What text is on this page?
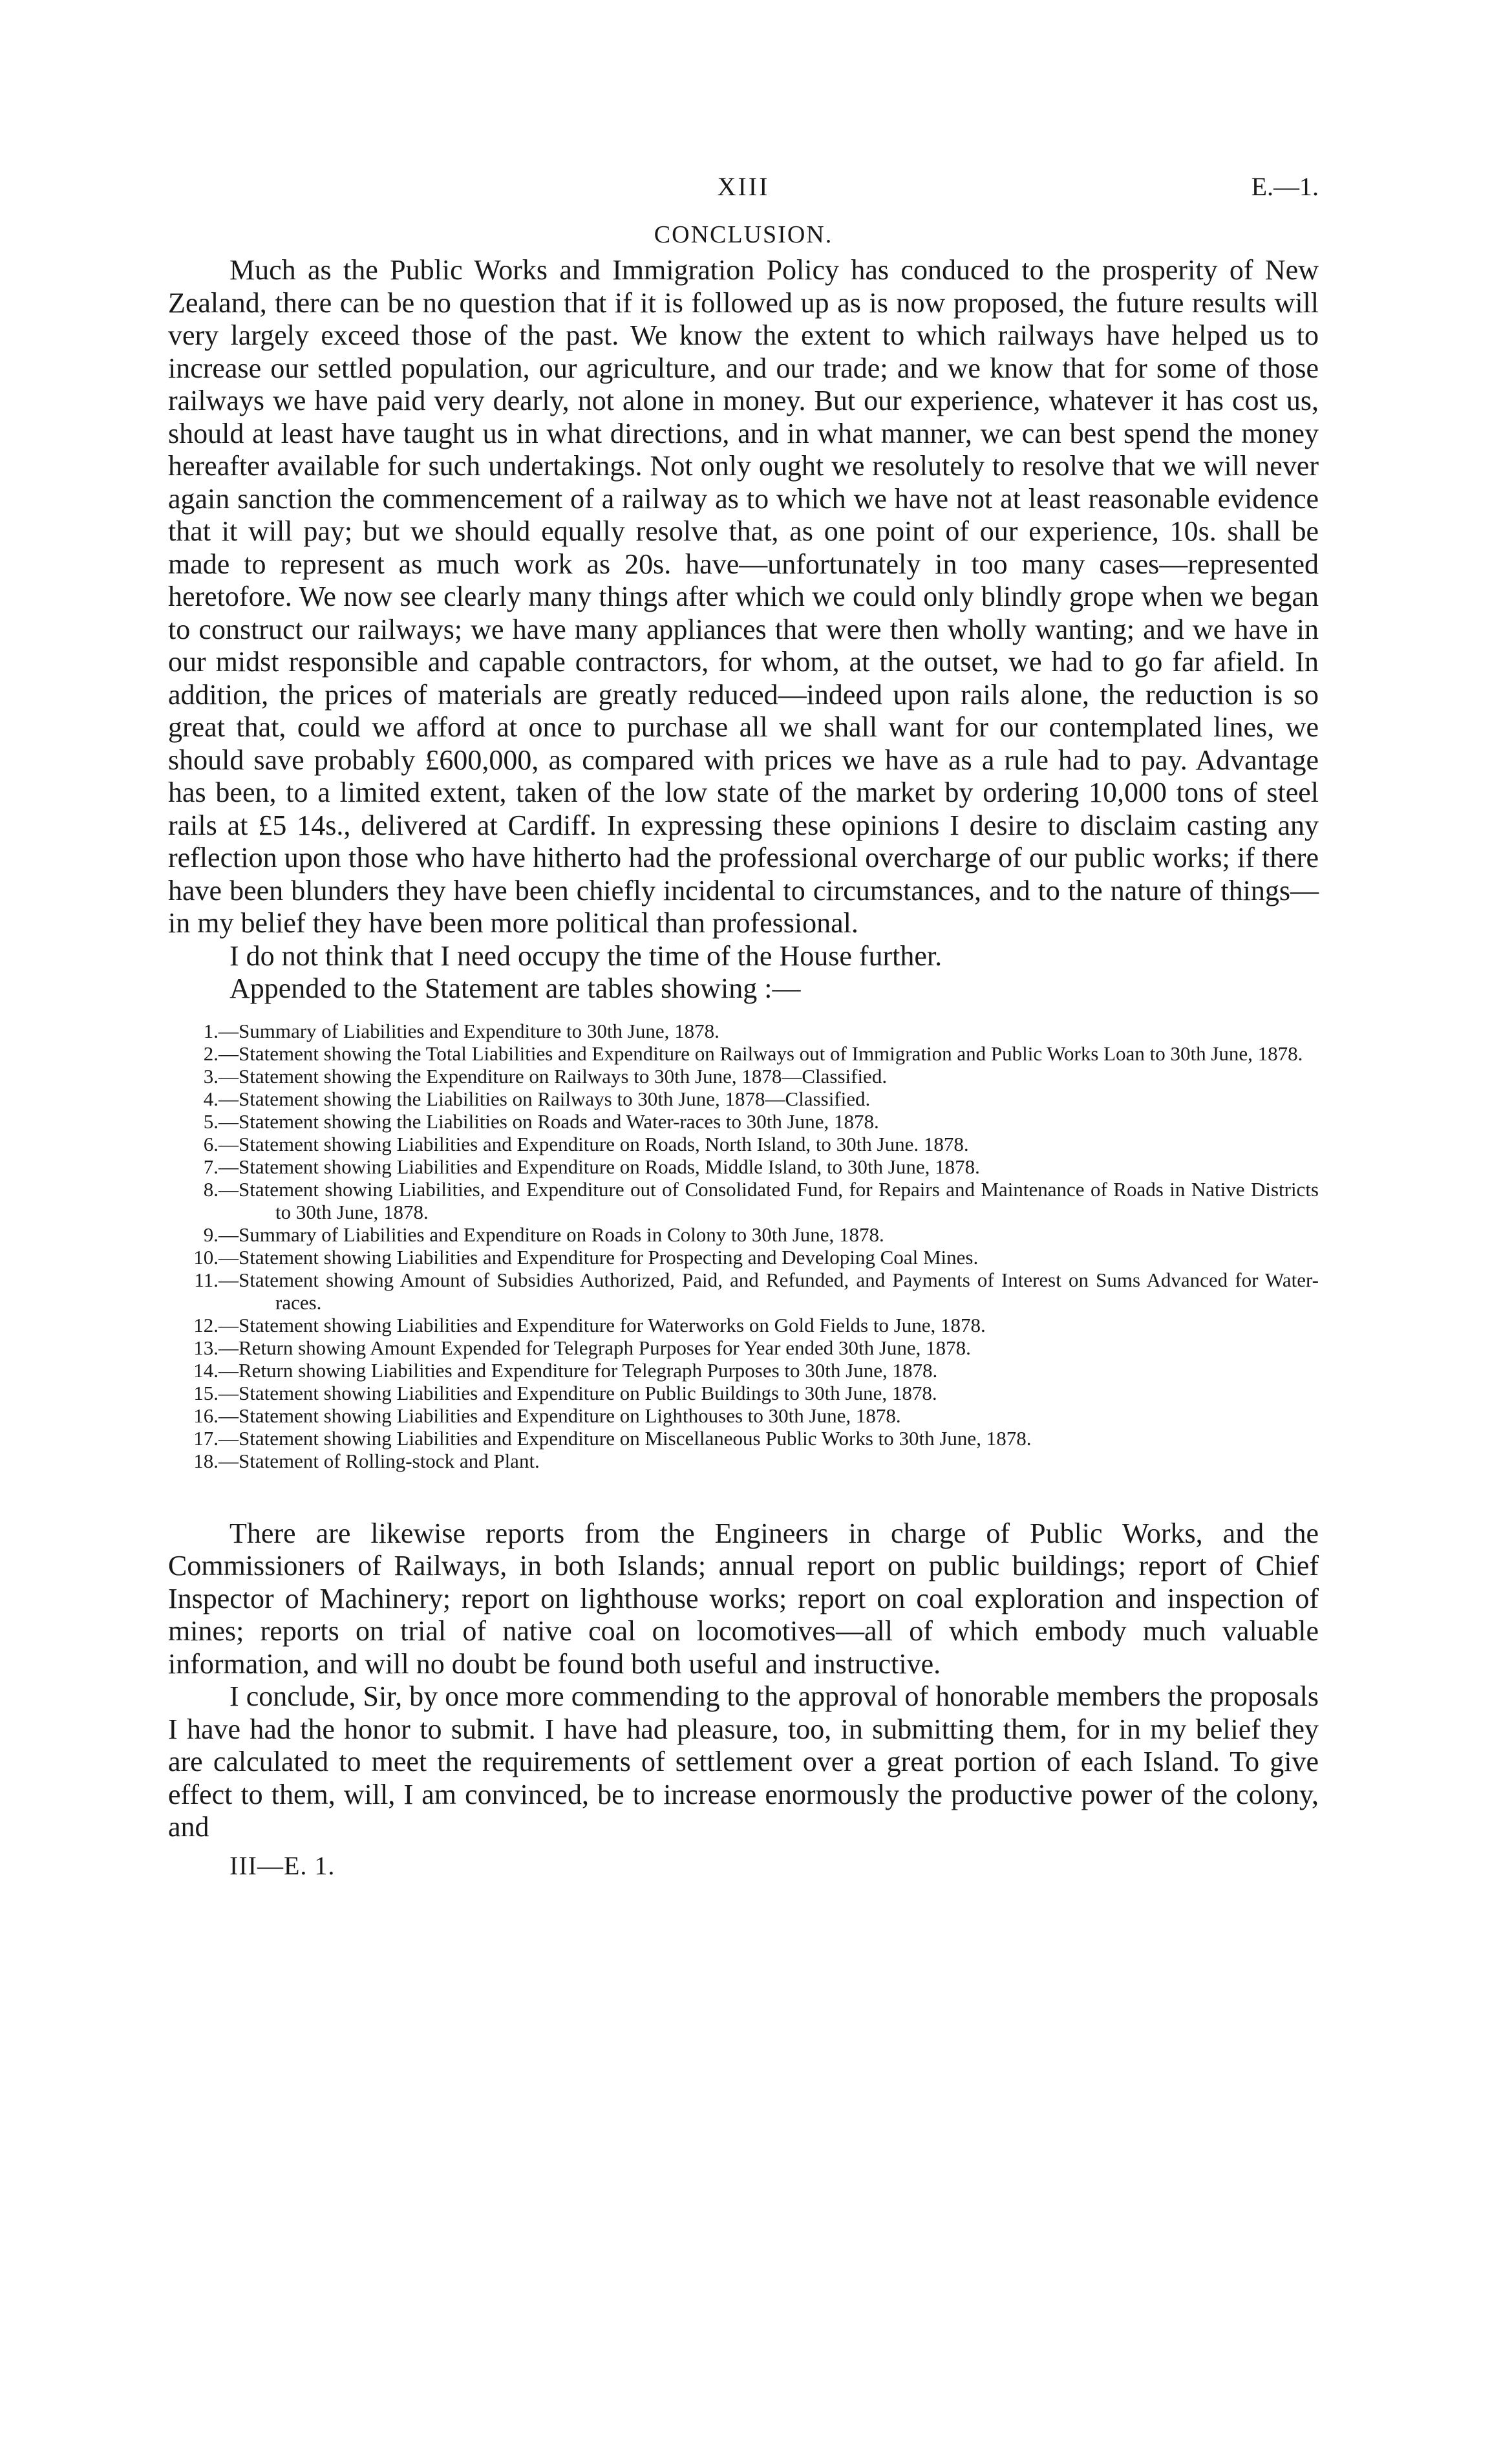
XIII	E.—1.
CONCLUSION.

Much as the Public Works and Immigration Policy has conduced to the prosperity of New Zealand, there can be no question that if it is followed up as is now proposed, the future results will very largely exceed those of the past. We know the extent to which railways have helped us to increase our settled population, our agriculture, and our trade; and we know that for some of those railways we have paid very dearly, not alone in money. But our experience, whatever it has cost us, should at least have taught us in what directions, and in what manner, we can best spend the money hereafter available for such undertakings. Not only ought we resolutely to resolve that we will never again sanction the commencement of a railway as to which we have not at least reasonable evidence that it will pay; but we should equally resolve that, as one point of our experience, 10s. shall be made to represent as much work as 20s. have—unfortunately in too many cases—represented heretofore. We now see clearly many things after which we could only blindly grope when we began to construct our railways; we have many appliances that were then wholly wanting; and we have in our midst responsible and capable contractors, for whom, at the outset, we had to go far afield. In addition, the prices of materials are greatly reduced—indeed upon rails alone, the reduction is so great that, could we afford at once to purchase all we shall want for our contemplated lines, we should save probably £600,000, as compared with prices we have as a rule had to pay. Advantage has been, to a limited extent, taken of the low state of the market by ordering 10,000 tons of steel rails at £5 14s., delivered at Cardiff. In expressing these opinions I desire to disclaim casting any reflection upon those who have hitherto had the professional overcharge of our public works; if there have been blunders they have been chiefly incidental to circumstances, and to the nature of things—in my belief they have been more political than professional.

I do not think that I need occupy the time of the House further.

Appended to the Statement are tables showing :—

1. —Summary of Liabilities and Expenditure to 30th June, 1878.
2. —Statement showing the Total Liabilities and Expenditure on Railways out of Immigration and Public Works Loan to 30th June, 1878.
3. —Statement showing the Expenditure on Railways to 30th June, 1878—Classified.
4. —Statement showing the Liabilities on Railways to 30th June, 1878—Classified.
5. —Statement showing the Liabilities on Roads and Water-races to 30th June, 1878.
6. —Statement showing Liabilities and Expenditure on Roads, North Island, to 30th June. 1878.
7. —Statement showing Liabilities and Expenditure on Roads, Middle Island, to 30th June, 1878.
8. —Statement showing Liabilities, and Expenditure out of Consolidated Fund, for Repairs and Maintenance of Roads in Native Districts to 30th June, 1878.
9. —Summary of Liabilities and Expenditure on Roads in Colony to 30th June, 1878.
10. —Statement showing Liabilities and Expenditure for Prospecting and Developing Coal Mines.
11. —Statement showing Amount of Subsidies Authorized, Paid, and Refunded, and Payments of Interest on Sums Advanced for Water-races.
12. —Statement showing Liabilities and Expenditure for Waterworks on Gold Fields to June, 1878.
13. —Return showing Amount Expended for Telegraph Purposes for Year ended 30th June, 1878.
14. —Return showing Liabilities and Expenditure for Telegraph Purposes to 30th June, 1878.
15. —Statement showing Liabilities and Expenditure on Public Buildings to 30th June, 1878.
16. —Statement showing Liabilities and Expenditure on Lighthouses to 30th June, 1878.
17. —Statement showing Liabilities and Expenditure on Miscellaneous Public Works to 30th June, 1878.
18. —Statement of Rolling-stock and Plant.

There are likewise reports from the Engineers in charge of Public Works, and the Commissioners of Railways, in both Islands; annual report on public buildings; report of Chief Inspector of Machinery; report on lighthouse works; report on coal exploration and inspection of mines; reports on trial of native coal on locomotives—all of which embody much valuable information, and will no doubt be found both useful and instructive.

I conclude, Sir, by once more commending to the approval of honorable members the proposals I have had the honor to submit. I have had pleasure, too, in submitting them, for in my belief they are calculated to meet the requirements of settlement over a great portion of each Island. To give effect to them, will, I am convinced, be to increase enormously the productive power of the colony, and

III—E. 1.
